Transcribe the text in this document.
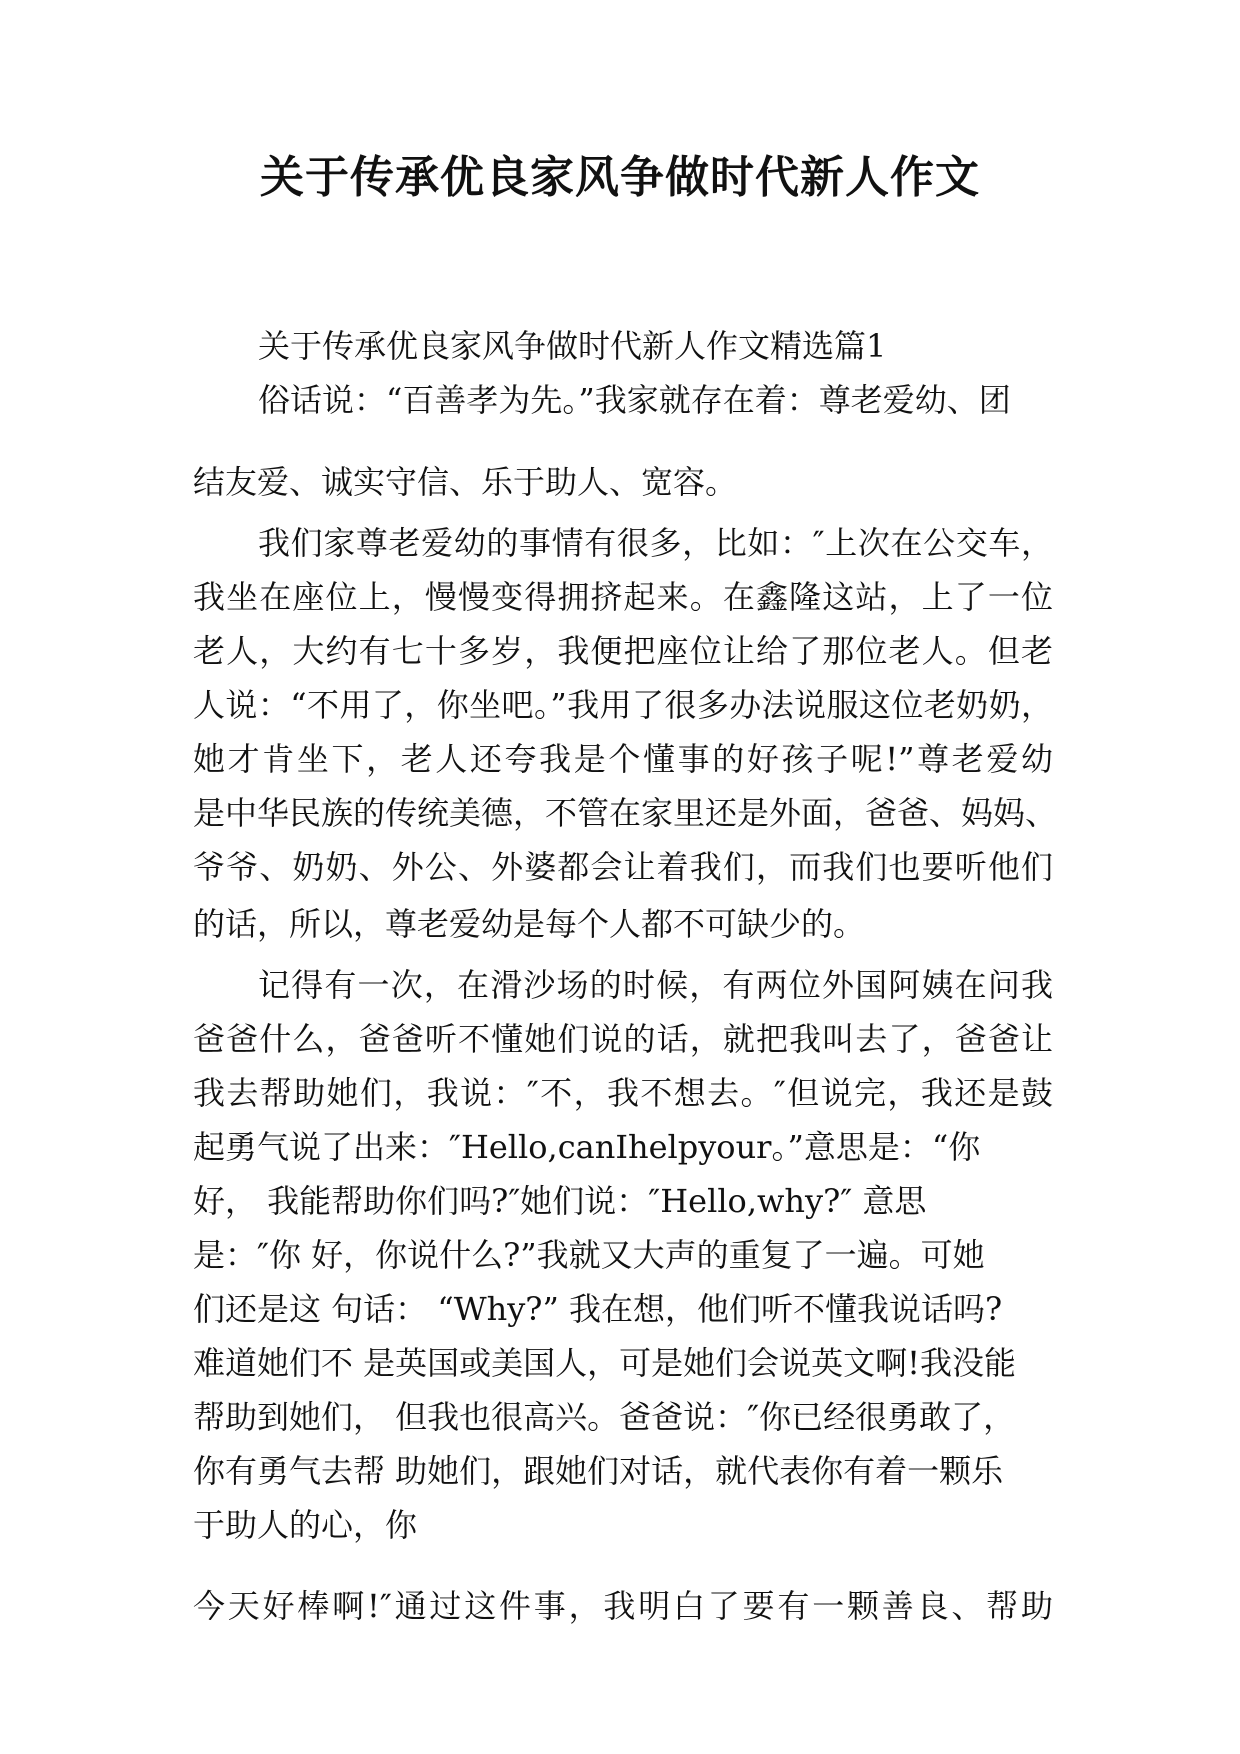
关于传承优良家风争做时代新人作文
关于传承优良家风争做时代新人作文精选篇1
俗话说：“百善孝为先。”我家就存在着：尊老爱幼、团
结友爱、诚实守信、乐于助人、宽容。
我们家尊老爱幼的事情有很多，比如：″上次在公交车，
我坐在座位上，慢慢变得拥挤起来。在鑫隆这站，上了一位
老人，大约有七十多岁，我便把座位让给了那位老人。但老
人说：“不用了，你坐吧。”我用了很多办法说服这位老奶奶，
她才肯坐下，老人还夸我是个懂事的好孩子呢!”尊老爱幼
是中华民族的传统美德，不管在家里还是外面，爸爸、妈妈、
爷爷、奶奶、外公、外婆都会让着我们，而我们也要听他们
的话，所以，尊老爱幼是每个人都不可缺少的。
记得有一次，在滑沙场的时候，有两位外国阿姨在问我
爸爸什么，爸爸听不懂她们说的话，就把我叫去了，爸爸让
我去帮助她们，我说：″不，我不想去。″但说完，我还是鼓
起勇气说了出来：″Hello,canIhelpyour。”意思是：“你
好， 我能帮助你们吗?″她们说：″Hello,why?″ 意思
是：″你 好，你说什么?”我就又大声的重复了一遍。可她
们还是这 句话： “Why?” 我在想，他们听不懂我说话吗?
难道她们不 是英国或美国人，可是她们会说英文啊!我没能
帮助到她们， 但我也很高兴。爸爸说：″你已经很勇敢了，
你有勇气去帮 助她们，跟她们对话，就代表你有着一颗乐
于助人的心，你
今天好棒啊!″通过这件事，我明白了要有一颗善良、帮助
